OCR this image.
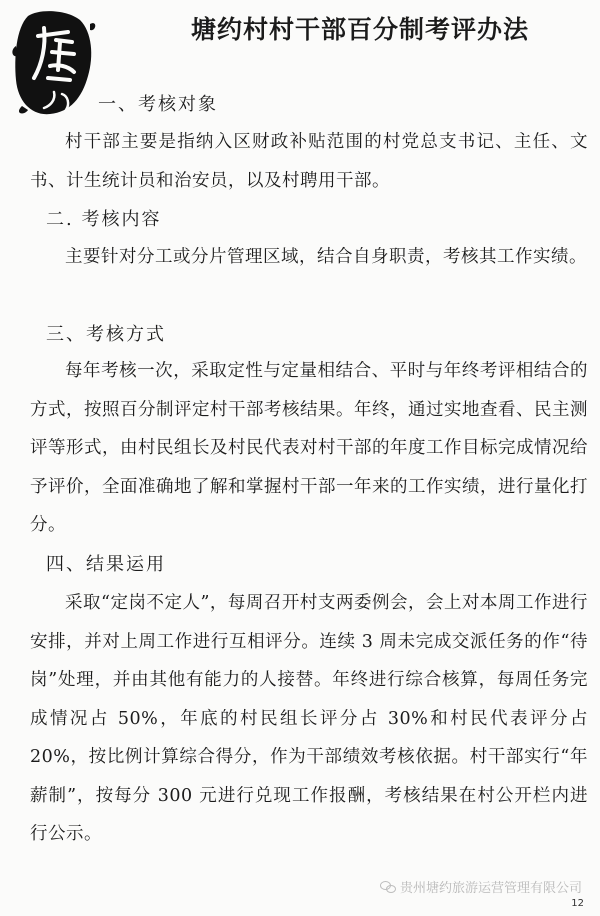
塘约村村干部百分制考评办法
一、考核对象
村干部主要是指纳入区财政补贴范围的村党总支书记、主任、文书、计生统计员和治安员，以及村聘用干部。
二. 考核内容
主要针对分工或分片管理区域，结合自身职责，考核其工作实绩。
三、考核方式
每年考核一次，采取定性与定量相结合、平时与年终考评相结合的方式，按照百分制评定村干部考核结果。年终，通过实地查看、民主测评等形式，由村民组长及村民代表对村干部的年度工作目标完成情况给予评价，全面准确地了解和掌握村干部一年来的工作实绩，进行量化打分。
四、结果运用
采取“定岗不定人”，每周召开村支两委例会，会上对本周工作进行安排，并对上周工作进行互相评分。连续 3 周未完成交派任务的作“待岗”处理，并由其他有能力的人接替。年终进行综合核算，每周任务完成情况占 50%，年底的村民组长评分占 30%和村民代表评分占 20%，按比例计算综合得分，作为干部绩效考核依据。村干部实行“年薪制”，按每分 300 元进行兑现工作报酬，考核结果在村公开栏内进行公示。
贵州塘约旅游运营管理有限公司
12
